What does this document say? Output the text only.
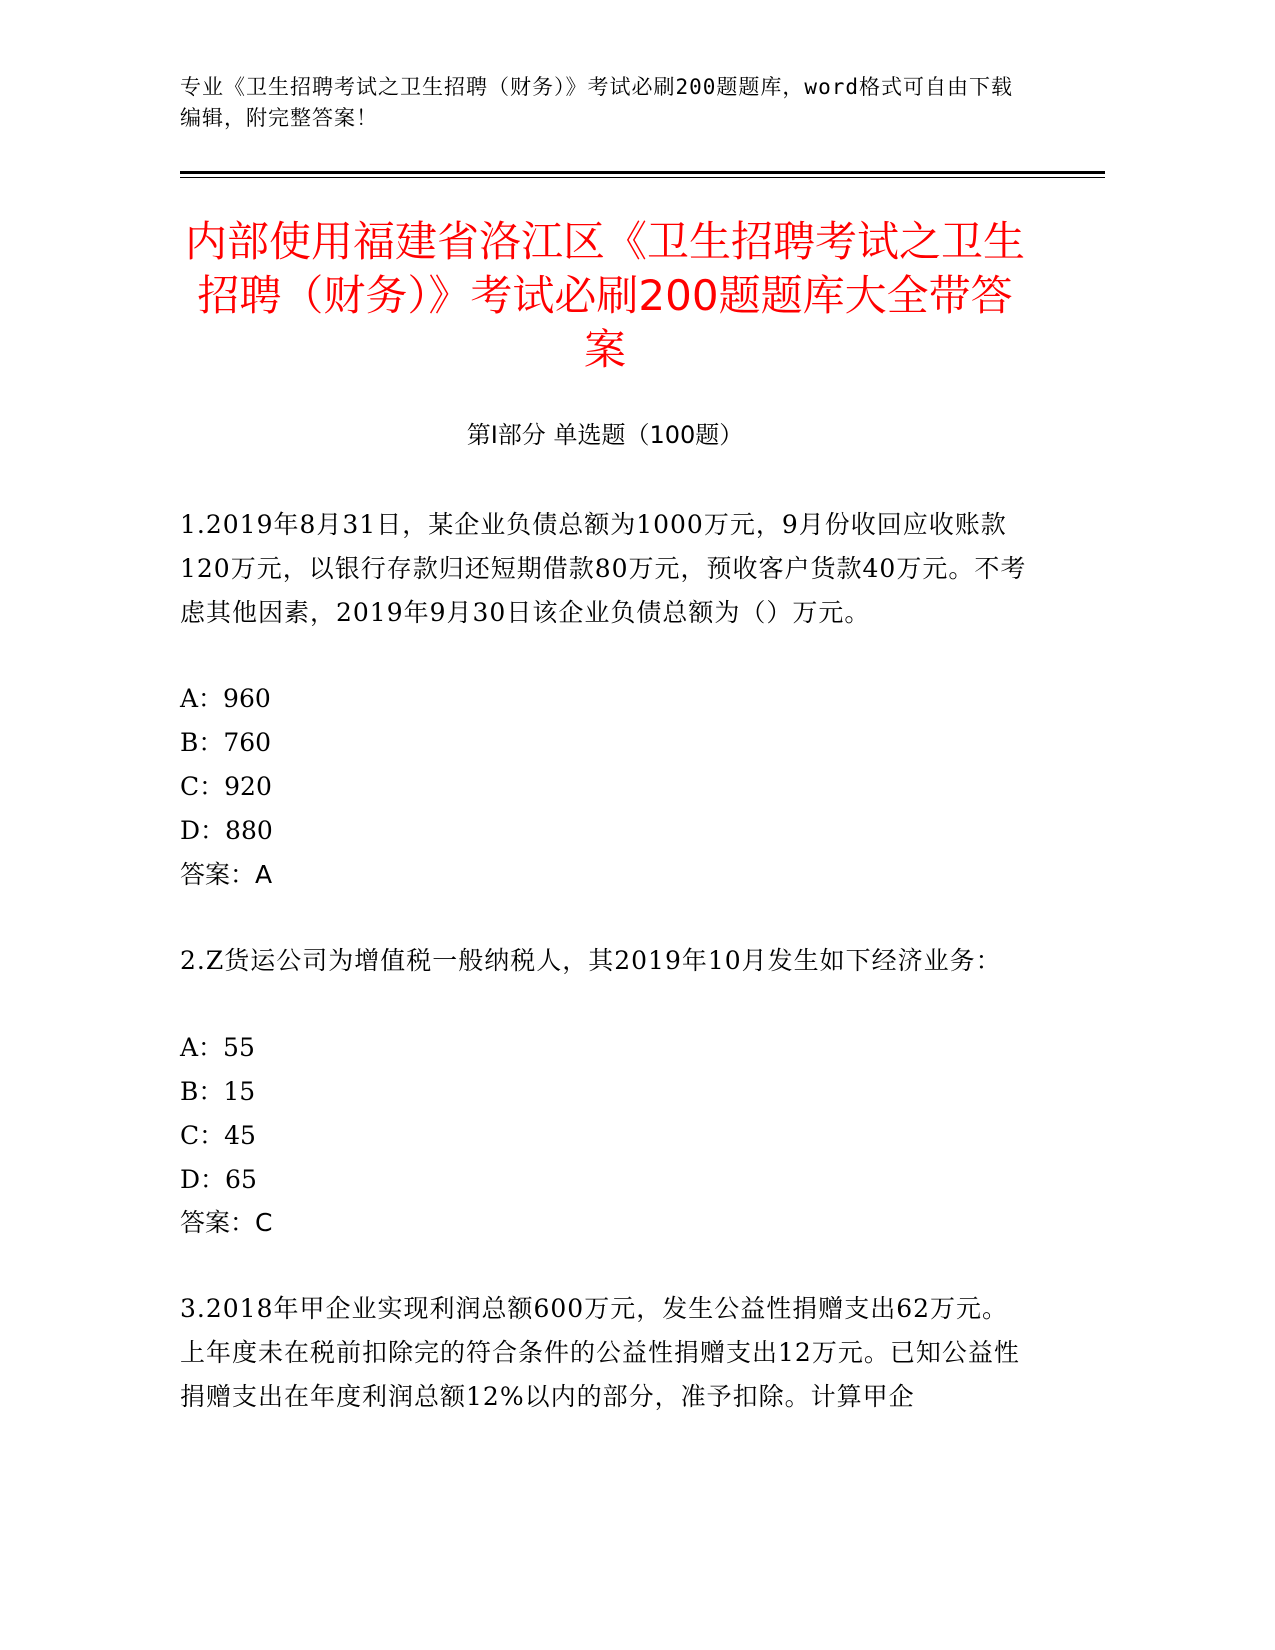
专业《卫生招聘考试之卫生招聘（财务）》考试必刷200题题库，word格式可自由下载编辑，附完整答案！
内部使用福建省洛江区《卫生招聘考试之卫生招聘（财务）》考试必刷200题题库大全带答案
第Ⅰ部分 单选题（100题）
1.2019年8月31日，某企业负债总额为1000万元，9月份收回应收账款120万元，以银行存款归还短期借款80万元，预收客户货款40万元。不考虑其他因素，2019年9月30日该企业负债总额为（）万元。
A：960
B：760
C：920
D：880
答案：A
2.Z货运公司为增值税一般纳税人，其2019年10月发生如下经济业务：
A：55
B：15
C：45
D：65
答案：C
3.2018年甲企业实现利润总额600万元，发生公益性捐赠支出62万元。上年度未在税前扣除完的符合条件的公益性捐赠支出12万元。已知公益性捐赠支出在年度利润总额12%以内的部分，准予扣除。计算甲企
